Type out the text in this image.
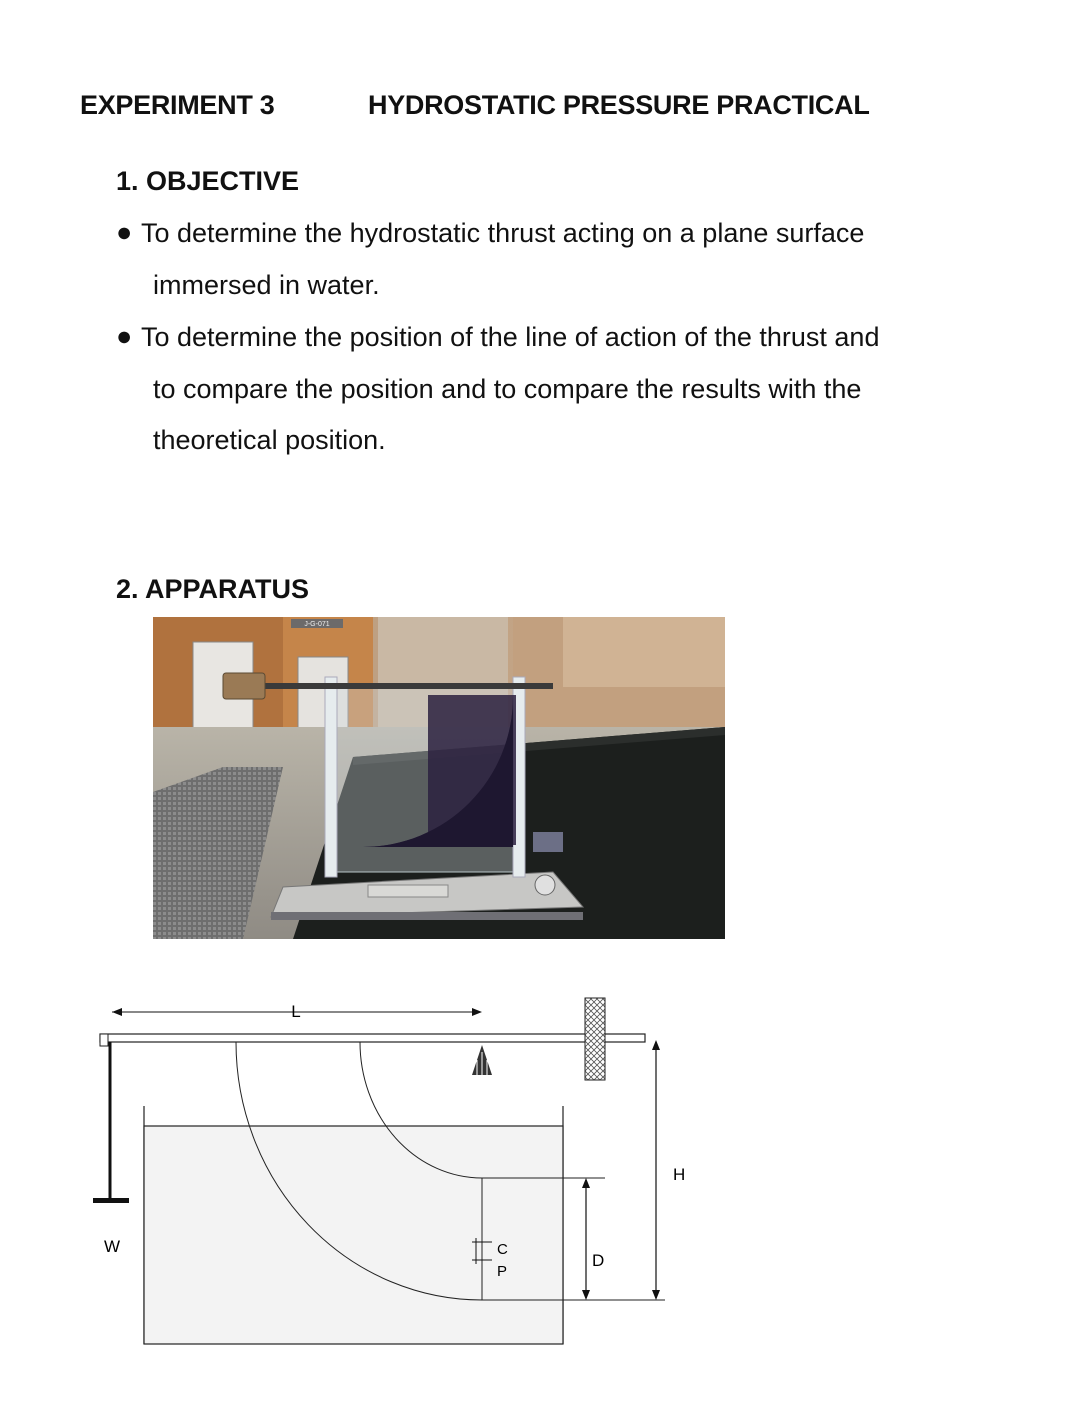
EXPERIMENT 3	HYDROSTATIC PRESSURE PRACTICAL
1. OBJECTIVE
● To determine the hydrostatic thrust acting on a plane surface
immersed in water.
● To determine the position of the line of action of the thrust and
to compare the position and to compare the results with the
theoretical position.
2. APPARATUS
J-G-071
L
W	C
P
D
H
